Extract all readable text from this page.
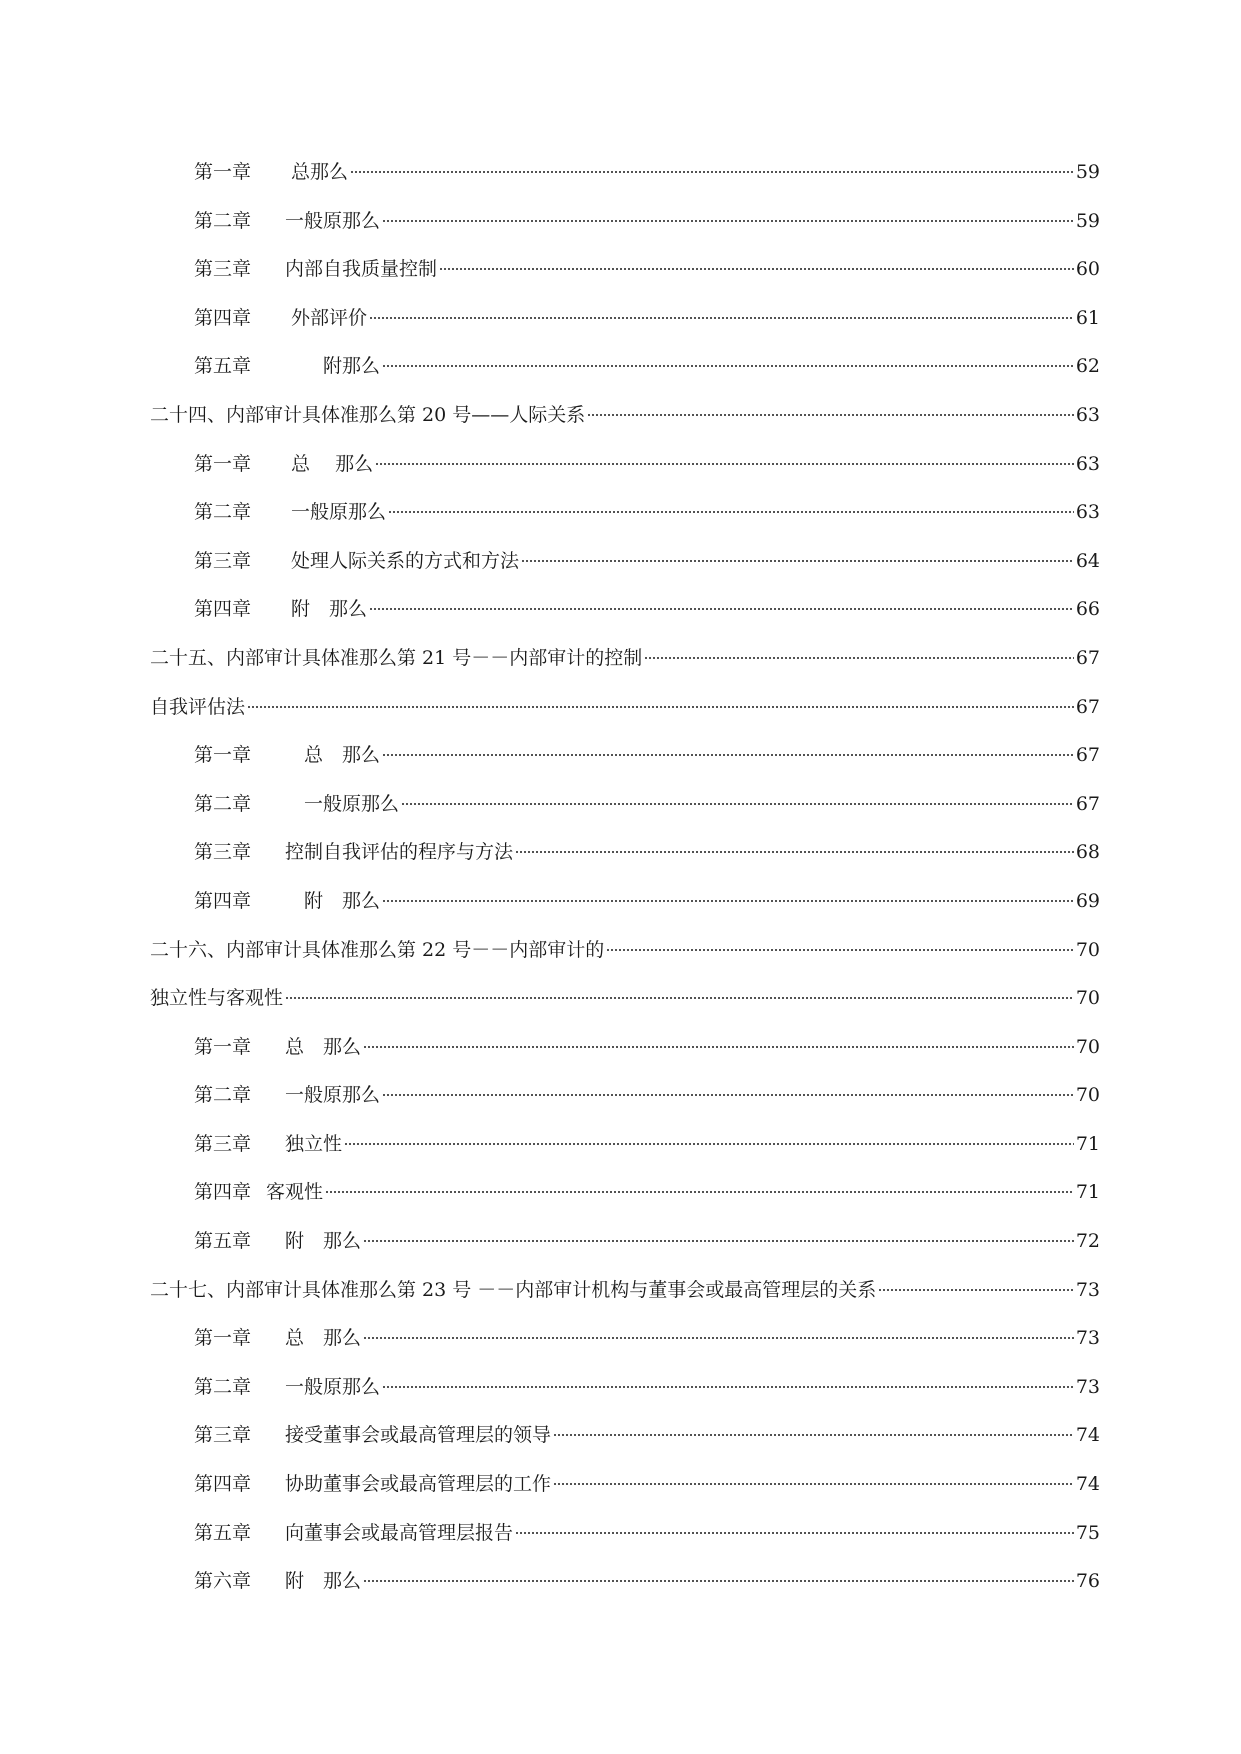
第一章 　 总那么	59
第二章 　一般原那么	59
第三章 　内部自我质量控制	60
第四章 　 外部评价	61
第五章 　　　附那么	62
二十四、内部审计具体准那么第 20 号——人际关系	63
第一章 　 总　 那么	63
第二章 　 一般原那么	63
第三章 　 处理人际关系的方式和方法	64
第四章 　 附　那么	66
二十五、内部审计具体准那么第 21 号－－内部审计的控制	67
自我评估法	67
第一章 　　总　那么	67
第二章 　　一般原那么	67
第三章 　控制自我评估的程序与方法	68
第四章 　　附　那么	69
二十六、内部审计具体准那么第 22 号－－内部审计的	70
独立性与客观性	70
第一章 　总　那么	70
第二章 　一般原那么	70
第三章 　独立性	71
第四章 客观性	71
第五章 　附　那么	72
二十七、内部审计具体准那么第 23 号 －－内部审计机构与董事会或最高管理层的关系	73
第一章 　总　那么	73
第二章 　一般原那么	73
第三章 　接受董事会或最高管理层的领导	74
第四章 　协助董事会或最高管理层的工作	74
第五章 　向董事会或最高管理层报告	75
第六章 　附　那么	76
